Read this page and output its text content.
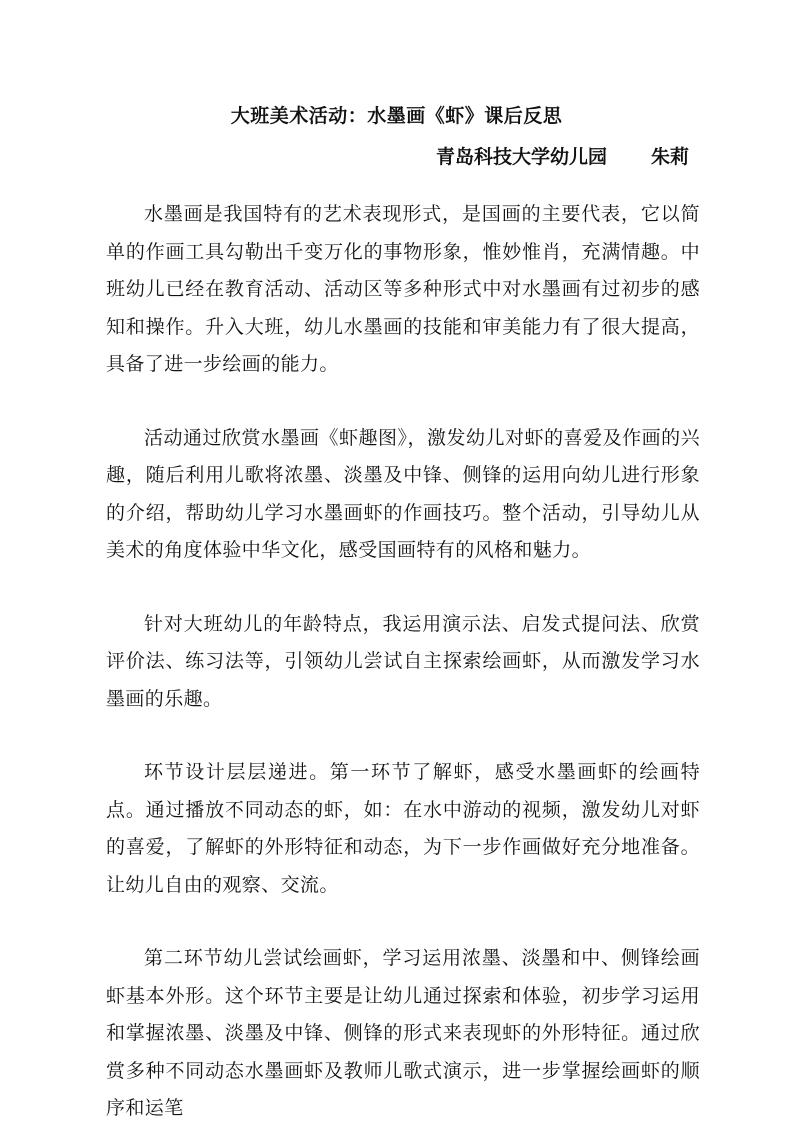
大班美术活动：水墨画《虾》课后反思
青岛科技大学幼儿园 朱莉

水墨画是我国特有的艺术表现形式，是国画的主要代表，它以简单的作画工具勾勒出千变万化的事物形象，惟妙惟肖，充满情趣。中班幼儿已经在教育活动、活动区等多种形式中对水墨画有过初步的感知和操作。升入大班，幼儿水墨画的技能和审美能力有了很大提高，具备了进一步绘画的能力。

活动通过欣赏水墨画《虾趣图》，激发幼儿对虾的喜爱及作画的兴趣，随后利用儿歌将浓墨、淡墨及中锋、侧锋的运用向幼儿进行形象的介绍，帮助幼儿学习水墨画虾的作画技巧。整个活动，引导幼儿从美术的角度体验中华文化，感受国画特有的风格和魅力。

针对大班幼儿的年龄特点，我运用演示法、启发式提问法、欣赏评价法、练习法等，引领幼儿尝试自主探索绘画虾，从而激发学习水墨画的乐趣。

环节设计层层递进。第一环节了解虾，感受水墨画虾的绘画特点。通过播放不同动态的虾，如：在水中游动的视频，激发幼儿对虾的喜爱，了解虾的外形特征和动态，为下一步作画做好充分地准备。让幼儿自由的观察、交流。

第二环节幼儿尝试绘画虾，学习运用浓墨、淡墨和中、侧锋绘画虾基本外形。这个环节主要是让幼儿通过探索和体验，初步学习运用和掌握浓墨、淡墨及中锋、侧锋的形式来表现虾的外形特征。通过欣赏多种不同动态水墨画虾及教师儿歌式演示，进一步掌握绘画虾的顺序和运笔
